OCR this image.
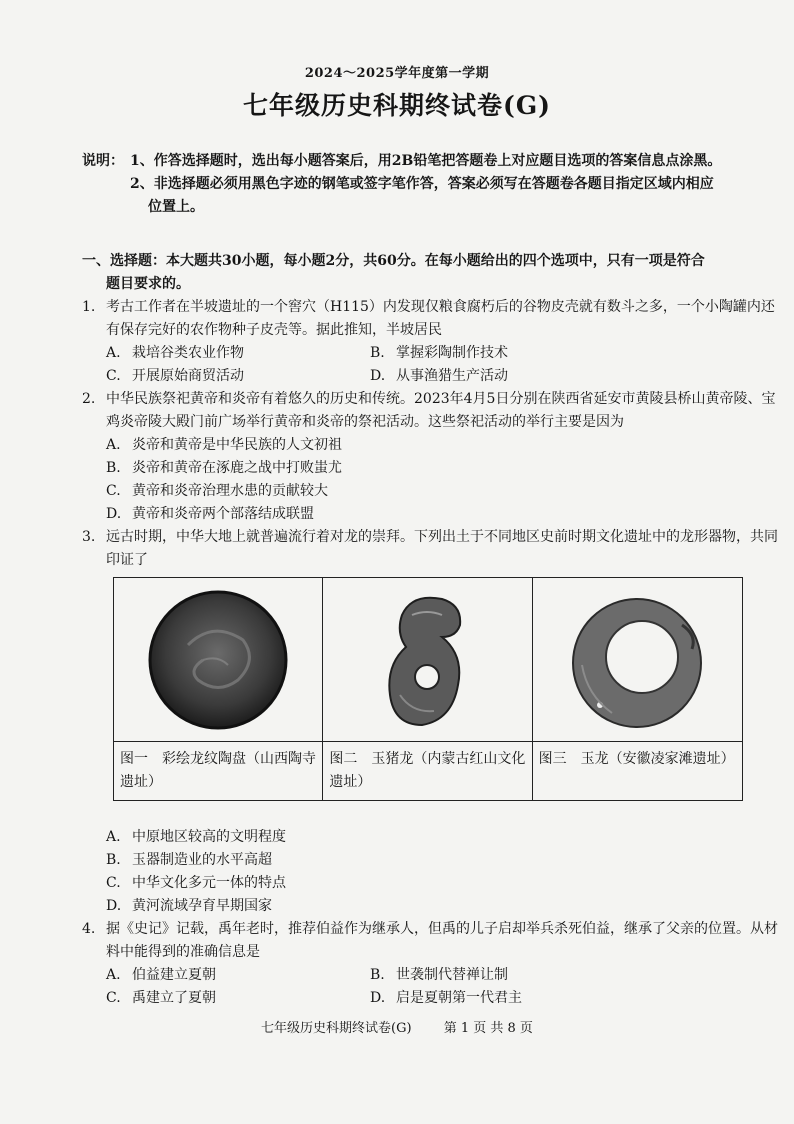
2024～2025学年度第一学期
七年级历史科期终试卷(G)
说明： 1、作答选择题时，选出每小题答案后，用2B铅笔把答题卷上对应题目选项的答案信息点涂黑。
2、非选择题必须用黑色字迹的钢笔或签字笔作答，答案必须写在答题卷各题目指定区域内相应
位置上。
一、选择题：本大题共30小题，每小题2分，共60分。在每小题给出的四个选项中，只有一项是符合
题目要求的。
1. 考古工作者在半坡遗址的一个窖穴（H115）内发现仅粮食腐朽后的谷物皮壳就有数斗之多，一个小陶罐内还有保存完好的农作物种子皮壳等。据此推知，半坡居民
A. 栽培谷类农业作物	B. 掌握彩陶制作技术
C. 开展原始商贸活动	D. 从事渔猎生产活动
2. 中华民族祭祀黄帝和炎帝有着悠久的历史和传统。2023年4月5日分别在陕西省延安市黄陵县桥山黄帝陵、宝鸡炎帝陵大殿门前广场举行黄帝和炎帝的祭祀活动。这些祭祀活动的举行主要是因为
A. 炎帝和黄帝是中华民族的人文初祖
B. 炎帝和黄帝在涿鹿之战中打败蚩尤
C. 黄帝和炎帝治理水患的贡献较大
D. 黄帝和炎帝两个部落结成联盟
3. 远古时期，中华大地上就普遍流行着对龙的崇拜。下列出土于不同地区史前时期文化遗址中的龙形器物，共同印证了
图一　彩绘龙纹陶盘（山西陶寺遗址）
图二　玉猪龙（内蒙古红山文化遗址）
图三　玉龙（安徽凌家滩遗址）
A. 中原地区较高的文明程度
B. 玉器制造业的水平高超
C. 中华文化多元一体的特点
D. 黄河流域孕育早期国家
4. 据《史记》记载，禹年老时，推荐伯益作为继承人，但禹的儿子启却举兵杀死伯益，继承了父亲的位置。从材料中能得到的准确信息是
A. 伯益建立夏朝	B. 世袭制代替禅让制
C. 禹建立了夏朝	D. 启是夏朝第一代君主
七年级历史科期终试卷(G) 第 1 页 共 8 页
